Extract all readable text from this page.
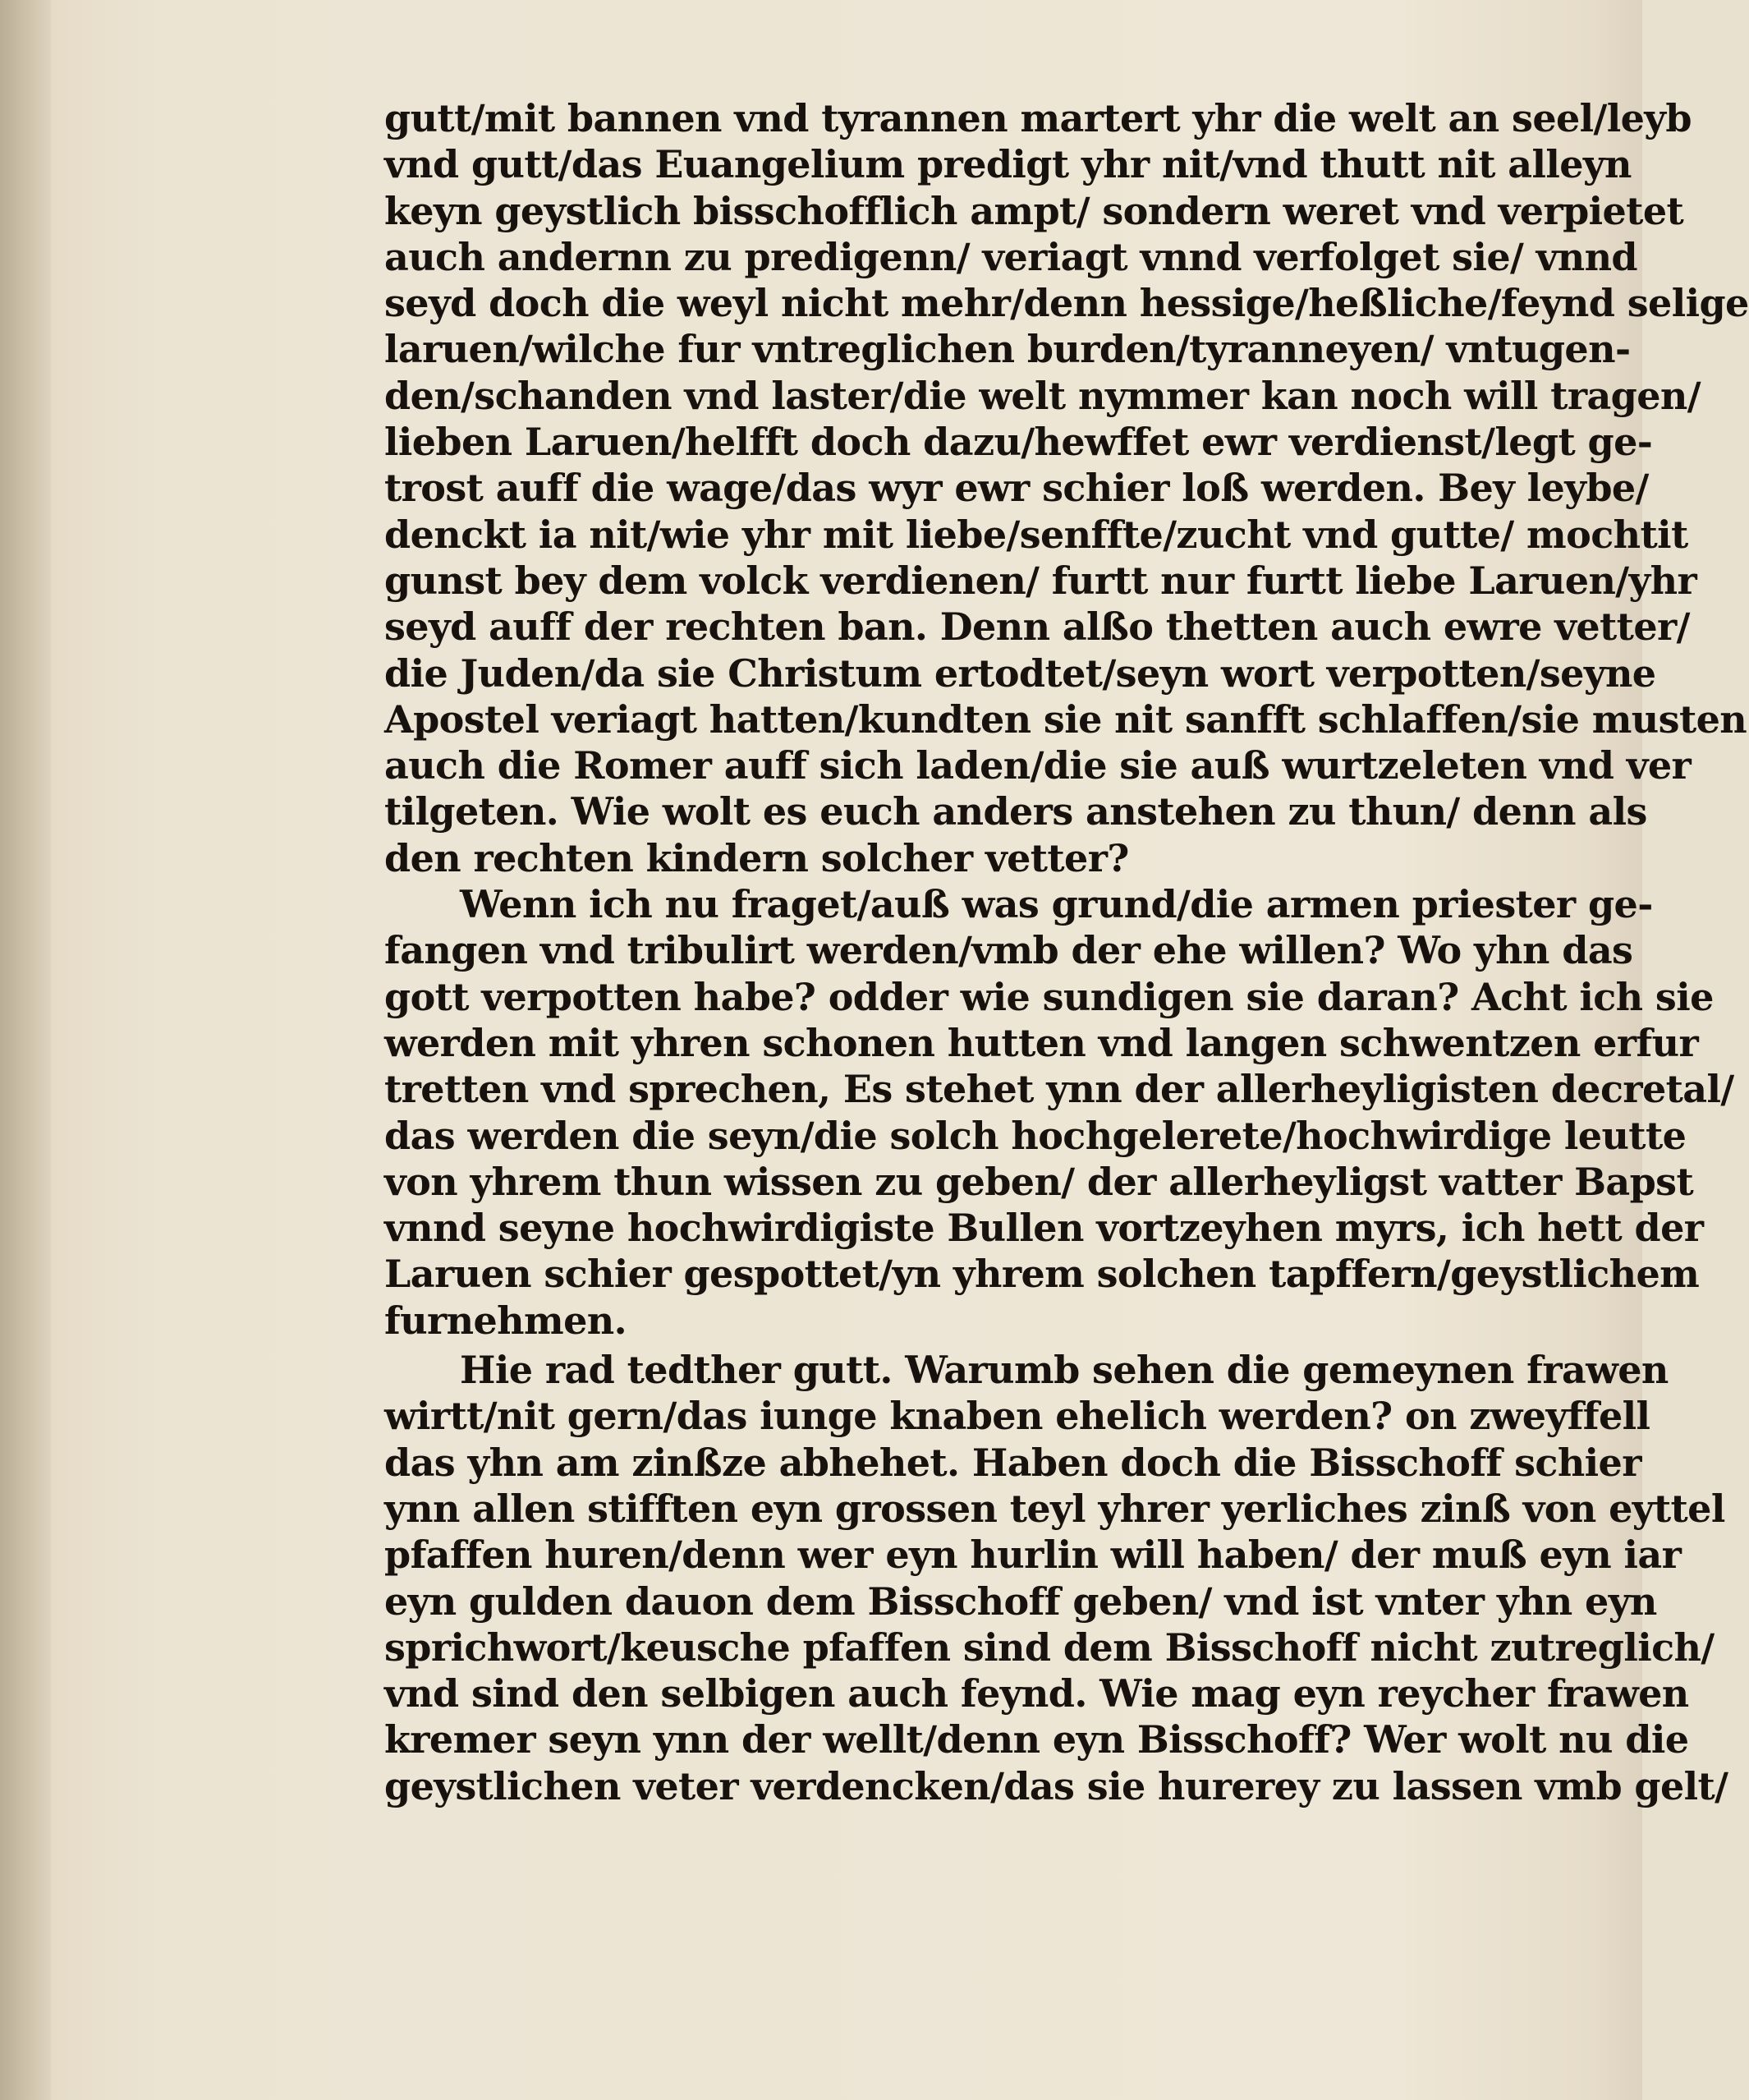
gutt/mit bannen vnd tyrannen martert yhr die welt an seel/leyb
vnd gutt/das Euangelium predigt yhr nit/vnd thutt nit alleyn
keyn geystlich bisschofflich ampt/ sondern weret vnd verpietet
auch andernn zu predigenn/ veriagt vnnd verfolget sie/ vnnd
seyd doch die weyl nicht mehr/denn hessige/heßliche/feynd selige
laruen/wilche fur vntreglichen burden/tyranneyen/ vntugen-
den/schanden vnd laster/die welt nymmer kan noch will tragen/
lieben Laruen/helfft doch dazu/hewffet ewr verdienst/legt ge-
trost auff die wage/das wyr ewr schier loß werden. Bey leybe/
denckt ia nit/wie yhr mit liebe/senffte/zucht vnd gutte/ mochtit
gunst bey dem volck verdienen/ furtt nur furtt liebe Laruen/yhr
seyd auff der rechten ban. Denn alßo thetten auch ewre vetter/
die Juden/da sie Christum ertodtet/seyn wort verpotten/seyne
Apostel veriagt hatten/kundten sie nit sanfft schlaffen/sie musten
auch die Romer auff sich laden/die sie auß wurtzeleten vnd ver
tilgeten. Wie wolt es euch anders anstehen zu thun/ denn als
den rechten kindern solcher vetter?
Wenn ich nu fraget/auß was grund/die armen priester ge-
fangen vnd tribulirt werden/vmb der ehe willen? Wo yhn das
gott verpotten habe? odder wie sundigen sie daran? Acht ich sie
werden mit yhren schonen hutten vnd langen schwentzen erfur
tretten vnd sprechen, Es stehet ynn der allerheyligisten decretal/
das werden die seyn/die solch hochgelerete/hochwirdige leutte
von yhrem thun wissen zu geben/ der allerheyligst vatter Bapst
vnnd seyne hochwirdigiste Bullen vortzeyhen myrs, ich hett der
Laruen schier gespottet/yn yhrem solchen tapffern/geystlichem
furnehmen.
Hie rad tedther gutt. Warumb sehen die gemeynen frawen
wirtt/nit gern/das iunge knaben ehelich werden? on zweyffell
das yhn am zinßze abhehet. Haben doch die Bisschoff schier
ynn allen stifften eyn grossen teyl yhrer yerliches zinß von eyttel
pfaffen huren/denn wer eyn hurlin will haben/ der muß eyn iar
eyn gulden dauon dem Bisschoff geben/ vnd ist vnter yhn eyn
sprichwort/keusche pfaffen sind dem Bisschoff nicht zutreglich/
vnd sind den selbigen auch feynd. Wie mag eyn reycher frawen
kremer seyn ynn der wellt/denn eyn Bisschoff? Wer wolt nu die
geystlichen veter verdencken/das sie hurerey zu lassen vmb gelt/
